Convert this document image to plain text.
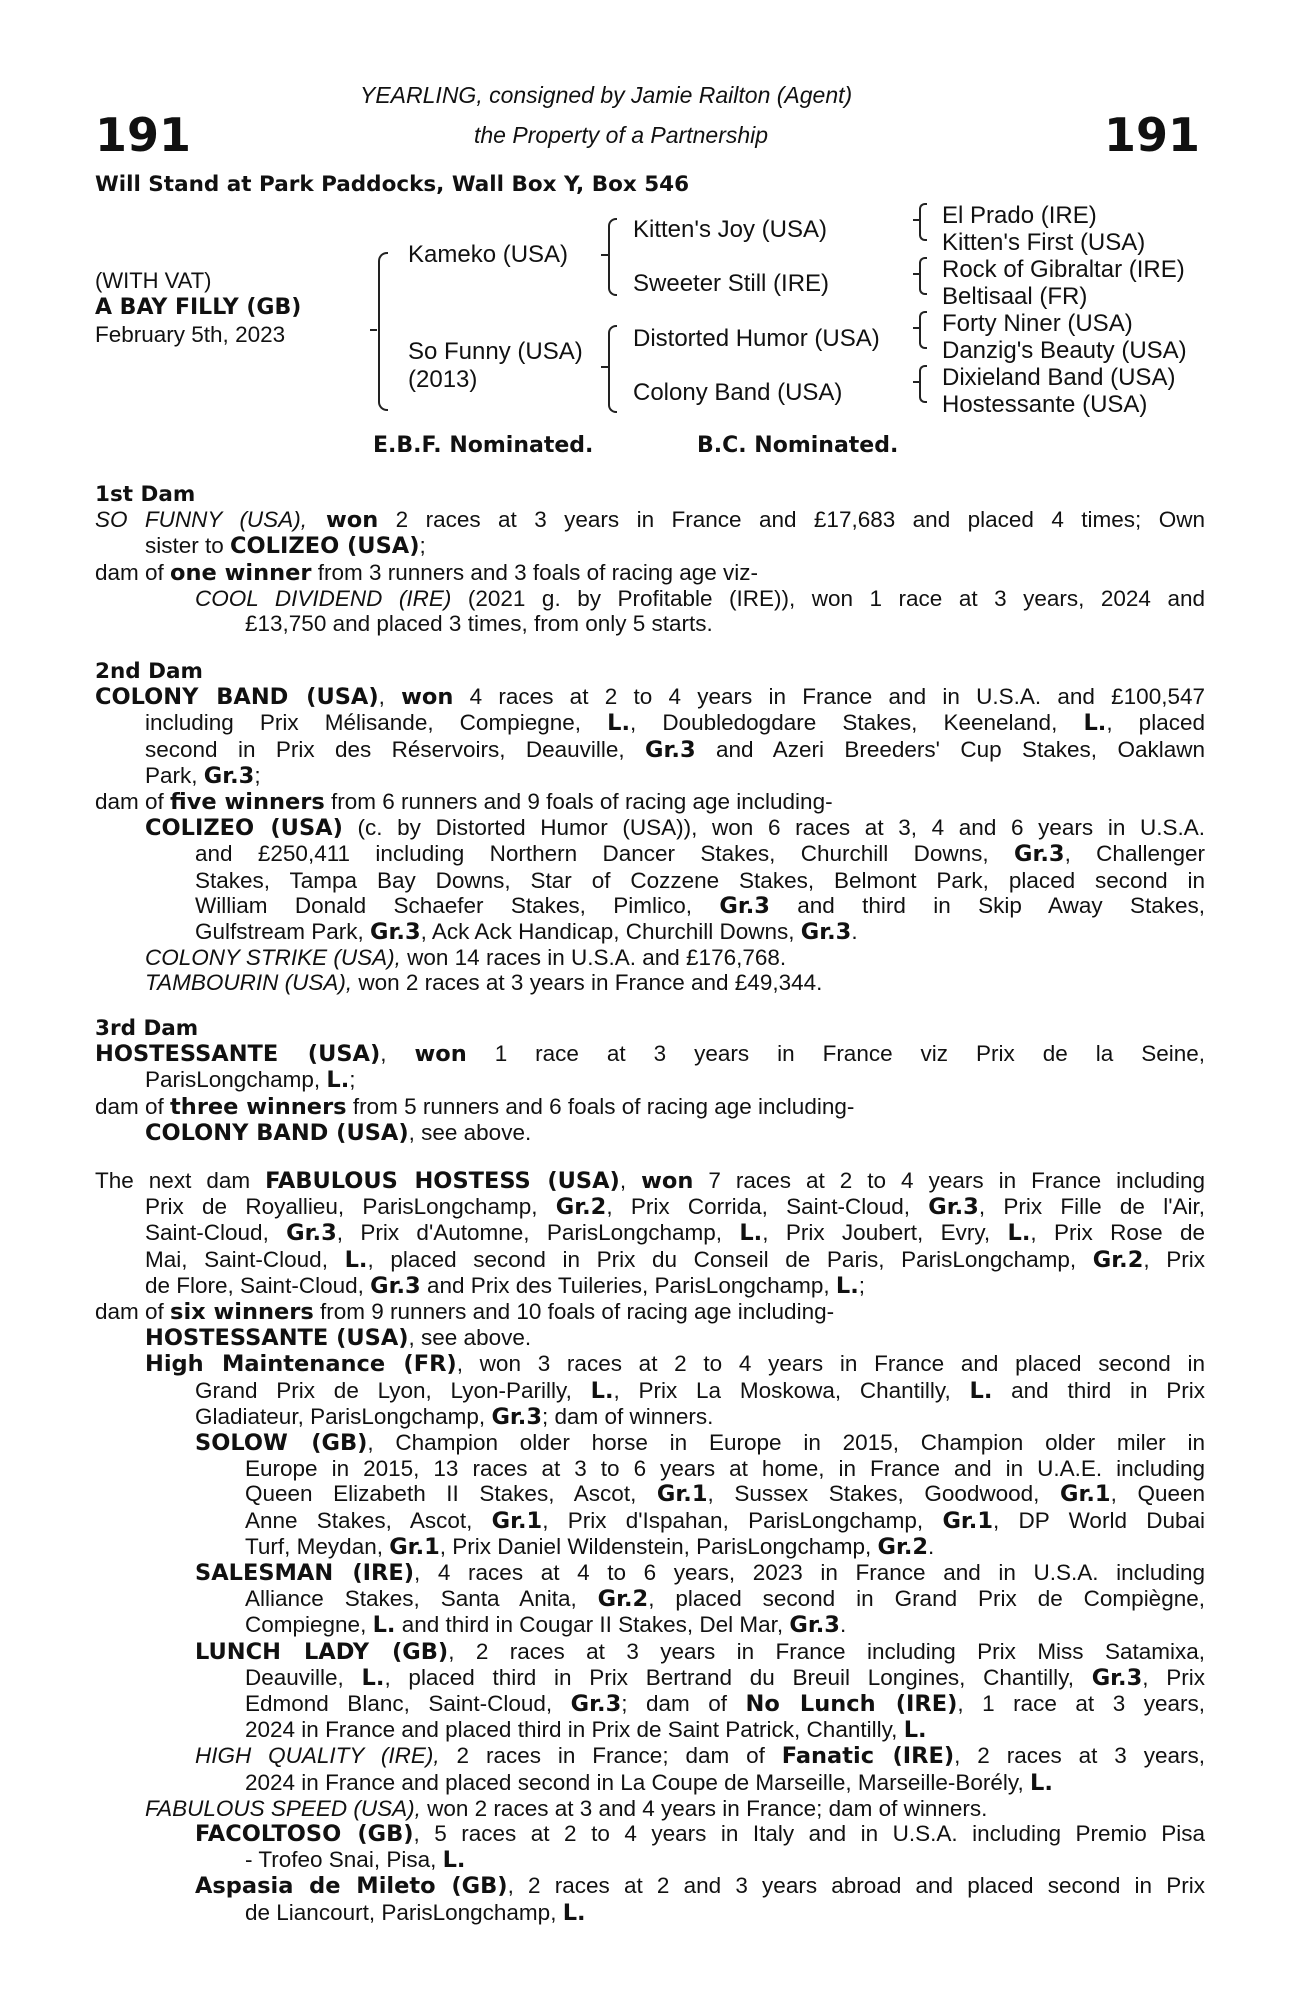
191	191
YEARLING, consigned by Jamie Railton (Agent)
the Property of a Partnership
Will Stand at Park Paddocks, Wall Box Y, Box 546
(WITH VAT)
A BAY FILLY (GB)
February 5th, 2023
Kameko (USA)
So Funny (USA)
(2013)
Kitten's Joy (USA)
Sweeter Still (IRE)
Distorted Humor (USA)
Colony Band (USA)
El Prado (IRE)
Kitten's First (USA)
Rock of Gibraltar (IRE)
Beltisaal (FR)
Forty Niner (USA)
Danzig's Beauty (USA)
Dixieland Band (USA)
Hostessante (USA)
E.B.F. Nominated.	B.C. Nominated.
1st Dam
SO FUNNY (USA), won 2 races at 3 years in France and £17,683 and placed 4 times; Own
sister to COLIZEO (USA);
dam of one winner from 3 runners and 3 foals of racing age viz-
COOL DIVIDEND (IRE) (2021 g. by Profitable (IRE)), won 1 race at 3 years, 2024 and
£13,750 and placed 3 times, from only 5 starts.
2nd Dam
COLONY BAND (USA), won 4 races at 2 to 4 years in France and in U.S.A. and £100,547
including Prix Mélisande, Compiegne, L., Doubledogdare Stakes, Keeneland, L., placed
second in Prix des Réservoirs, Deauville, Gr.3 and Azeri Breeders' Cup Stakes, Oaklawn
Park, Gr.3;
dam of five winners from 6 runners and 9 foals of racing age including-
COLIZEO (USA) (c. by Distorted Humor (USA)), won 6 races at 3, 4 and 6 years in U.S.A.
and £250,411 including Northern Dancer Stakes, Churchill Downs, Gr.3, Challenger
Stakes, Tampa Bay Downs, Star of Cozzene Stakes, Belmont Park, placed second in
William Donald Schaefer Stakes, Pimlico, Gr.3 and third in Skip Away Stakes,
Gulfstream Park, Gr.3, Ack Ack Handicap, Churchill Downs, Gr.3.
COLONY STRIKE (USA), won 14 races in U.S.A. and £176,768.
TAMBOURIN (USA), won 2 races at 3 years in France and £49,344.
3rd Dam
HOSTESSANTE (USA), won 1 race at 3 years in France viz Prix de la Seine,
ParisLongchamp, L.;
dam of three winners from 5 runners and 6 foals of racing age including-
COLONY BAND (USA), see above.
The next dam FABULOUS HOSTESS (USA), won 7 races at 2 to 4 years in France including
Prix de Royallieu, ParisLongchamp, Gr.2, Prix Corrida, Saint-Cloud, Gr.3, Prix Fille de l'Air,
Saint-Cloud, Gr.3, Prix d'Automne, ParisLongchamp, L., Prix Joubert, Evry, L., Prix Rose de
Mai, Saint-Cloud, L., placed second in Prix du Conseil de Paris, ParisLongchamp, Gr.2, Prix
de Flore, Saint-Cloud, Gr.3 and Prix des Tuileries, ParisLongchamp, L.;
dam of six winners from 9 runners and 10 foals of racing age including-
HOSTESSANTE (USA), see above.
High Maintenance (FR), won 3 races at 2 to 4 years in France and placed second in
Grand Prix de Lyon, Lyon-Parilly, L., Prix La Moskowa, Chantilly, L. and third in Prix
Gladiateur, ParisLongchamp, Gr.3; dam of winners.
SOLOW (GB), Champion older horse in Europe in 2015, Champion older miler in
Europe in 2015, 13 races at 3 to 6 years at home, in France and in U.A.E. including
Queen Elizabeth II Stakes, Ascot, Gr.1, Sussex Stakes, Goodwood, Gr.1, Queen
Anne Stakes, Ascot, Gr.1, Prix d'Ispahan, ParisLongchamp, Gr.1, DP World Dubai
Turf, Meydan, Gr.1, Prix Daniel Wildenstein, ParisLongchamp, Gr.2.
SALESMAN (IRE), 4 races at 4 to 6 years, 2023 in France and in U.S.A. including
Alliance Stakes, Santa Anita, Gr.2, placed second in Grand Prix de Compiègne,
Compiegne, L. and third in Cougar II Stakes, Del Mar, Gr.3.
LUNCH LADY (GB), 2 races at 3 years in France including Prix Miss Satamixa,
Deauville, L., placed third in Prix Bertrand du Breuil Longines, Chantilly, Gr.3, Prix
Edmond Blanc, Saint-Cloud, Gr.3; dam of No Lunch (IRE), 1 race at 3 years,
2024 in France and placed third in Prix de Saint Patrick, Chantilly, L.
HIGH QUALITY (IRE), 2 races in France; dam of Fanatic (IRE), 2 races at 3 years,
2024 in France and placed second in La Coupe de Marseille, Marseille-Borély, L.
FABULOUS SPEED (USA), won 2 races at 3 and 4 years in France; dam of winners.
FACOLTOSO (GB), 5 races at 2 to 4 years in Italy and in U.S.A. including Premio Pisa
- Trofeo Snai, Pisa, L.
Aspasia de Mileto (GB), 2 races at 2 and 3 years abroad and placed second in Prix
de Liancourt, ParisLongchamp, L.
